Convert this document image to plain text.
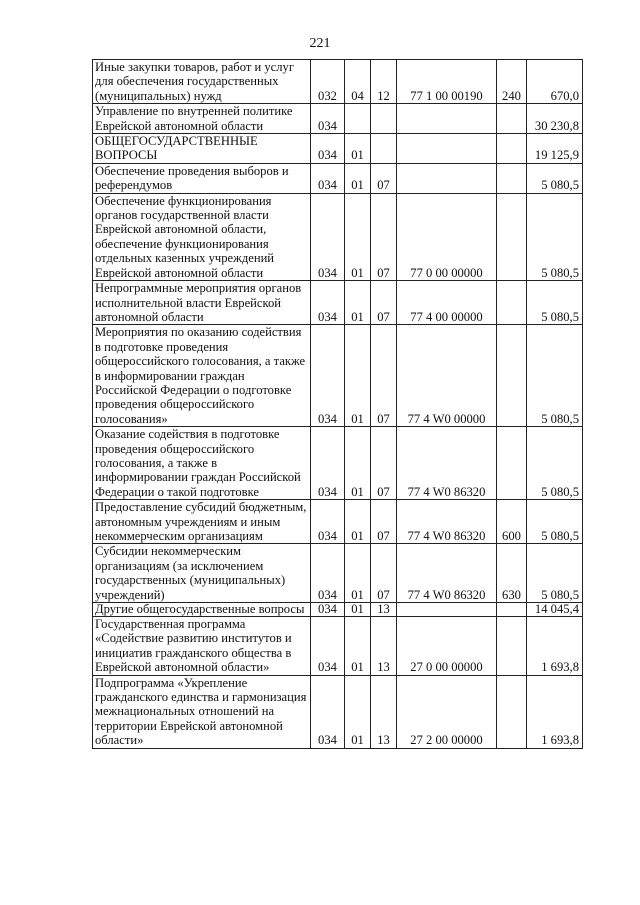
221
Иные закупки товаров, работ и услуг для обеспечения государственных (муниципальных) нужд	032	04	12	77 1 00 00190	240	670,0
Управление по внутренней политике Еврейской автономной области	034					30 230,8
ОБЩЕГОСУДАРСТВЕННЫЕ ВОПРОСЫ	034	01				19 125,9
Обеспечение проведения выборов и референдумов	034	01	07			5 080,5
Обеспечение функционирования органов государственной власти Еврейской автономной области, обеспечение функционирования отдельных казенных учреждений Еврейской автономной области	034	01	07	77 0 00 00000		5 080,5
Непрограммные мероприятия органов исполнительной власти Еврейской автономной области	034	01	07	77 4 00 00000		5 080,5
Мероприятия по оказанию содействия в подготовке проведения общероссийского голосования, а также в информировании граждан Российской Федерации о подготовке проведения общероссийского голосования»	034	01	07	77 4 W0 00000		5 080,5
Оказание содействия в подготовке проведения общероссийского голосования, а также в информировании граждан Российской Федерации о такой подготовке	034	01	07	77 4 W0 86320		5 080,5
Предоставление субсидий бюджетным, автономным учреждениям и иным некоммерческим организациям	034	01	07	77 4 W0 86320	600	5 080,5
Субсидии некоммерческим организациям (за исключением государственных (муниципальных) учреждений)	034	01	07	77 4 W0 86320	630	5 080,5
Другие общегосударственные вопросы	034	01	13			14 045,4
Государственная программа «Содействие развитию институтов и инициатив гражданского общества в Еврейской автономной области»	034	01	13	27 0 00 00000		1 693,8
Подпрограмма «Укрепление гражданского единства и гармонизация межнациональных отношений на территории Еврейской автономной области»	034	01	13	27 2 00 00000		1 693,8
